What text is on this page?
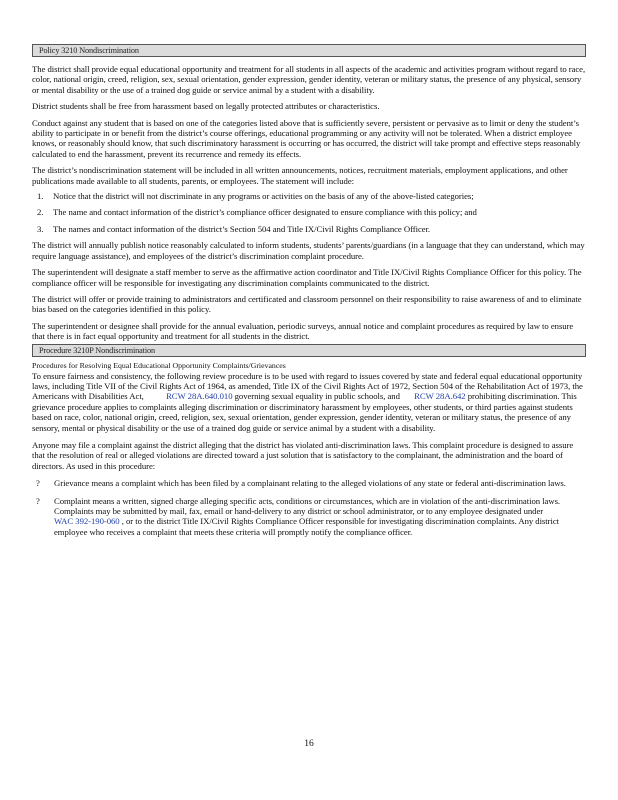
Policy 3210 Nondiscrimination

The district shall provide equal educational opportunity and treatment for all students in all aspects of the academic and activities program without regard to race, color, national origin, creed, religion, sex, sexual orientation, gender expression, gender identity, veteran or military status, the presence of any physical, sensory or mental disability or the use of a trained dog guide or service animal by a student with a disability.

District students shall be free from harassment based on legally protected attributes or characteristics.

Conduct against any student that is based on one of the categories listed above that is sufficiently severe, persistent or pervasive as to limit or deny the student’s ability to participate in or benefit from the district’s course offerings, educational programming or any activity will not be tolerated. When a district employee knows, or reasonably should know, that such discriminatory harassment is occurring or has occurred, the district will take prompt and effective steps reasonably calculated to end the harassment, prevent its recurrence and remedy its effects.

The district’s nondiscrimination statement will be included in all written announcements, notices, recruitment materials, employment applications, and other publications made available to all students, parents, or employees. The statement will include:

1. Notice that the district will not discriminate in any programs or activities on the basis of any of the above-listed categories;
2. The name and contact information of the district’s compliance officer designated to ensure compliance with this policy; and
3. The names and contact information of the district’s Section 504 and Title IX/Civil Rights Compliance Officer.

The district will annually publish notice reasonably calculated to inform students, students’ parents/guardians (in a language that they can understand, which may require language assistance), and employees of the district’s discrimination complaint procedure.

The superintendent will designate a staff member to serve as the affirmative action coordinator and Title IX/Civil Rights Compliance Officer for this policy. The compliance officer will be responsible for investigating any discrimination complaints communicated to the district.

The district will offer or provide training to administrators and certificated and classroom personnel on their responsibility to raise awareness of and to eliminate bias based on the categories identified in this policy.

The superintendent or designee shall provide for the annual evaluation, periodic surveys, annual notice and complaint procedures as required by law to ensure that there is in fact equal opportunity and treatment for all students in the district.

Procedure 3210P Nondiscrimination
Procedures for Resolving Equal Educational Opportunity Complaints/Grievances

To ensure fairness and consistency, the following review procedure is to be used with regard to issues covered by state and federal equal educational opportunity laws, including Title VII of the Civil Rights Act of 1964, as amended, Title IX of the Civil Rights Act of 1972, Section 504 of the Rehabilitation Act of 1973, the Americans with Disabilities Act,	RCW 28A.640.010 governing sexual equality in public schools, and RCW 28A.642 prohibiting discrimination. This grievance procedure applies to complaints alleging discrimination or discriminatory harassment by employees, other students, or third parties against students based on race, color, national origin, creed, religion, sex, sexual orientation, gender expression, gender identity, veteran or military status, the presence of any sensory, mental or physical disability or the use of a trained dog guide or service animal by a student with a disability.

Anyone may file a complaint against the district alleging that the district has violated anti-discrimination laws. This complaint procedure is designed to assure that the resolution of real or alleged violations are directed toward a just solution that is satisfactory to the complainant, the administration and the board of directors. As used in this procedure:

? Grievance means a complaint which has been filed by a complainant relating to the alleged violations of any state or federal anti-discrimination laws.
? Complaint means a written, signed charge alleging specific acts, conditions or circumstances, which are in violation of the anti-discrimination laws. Complaints may be submitted by mail, fax, email or hand-delivery to any district or school administrator, or to any employee designated under  WAC 392-190-060 , or to the district Title IX/Civil Rights Compliance Officer responsible for investigating discrimination complaints. Any district employee who receives a complaint that meets these criteria will promptly notify the compliance officer.
16
